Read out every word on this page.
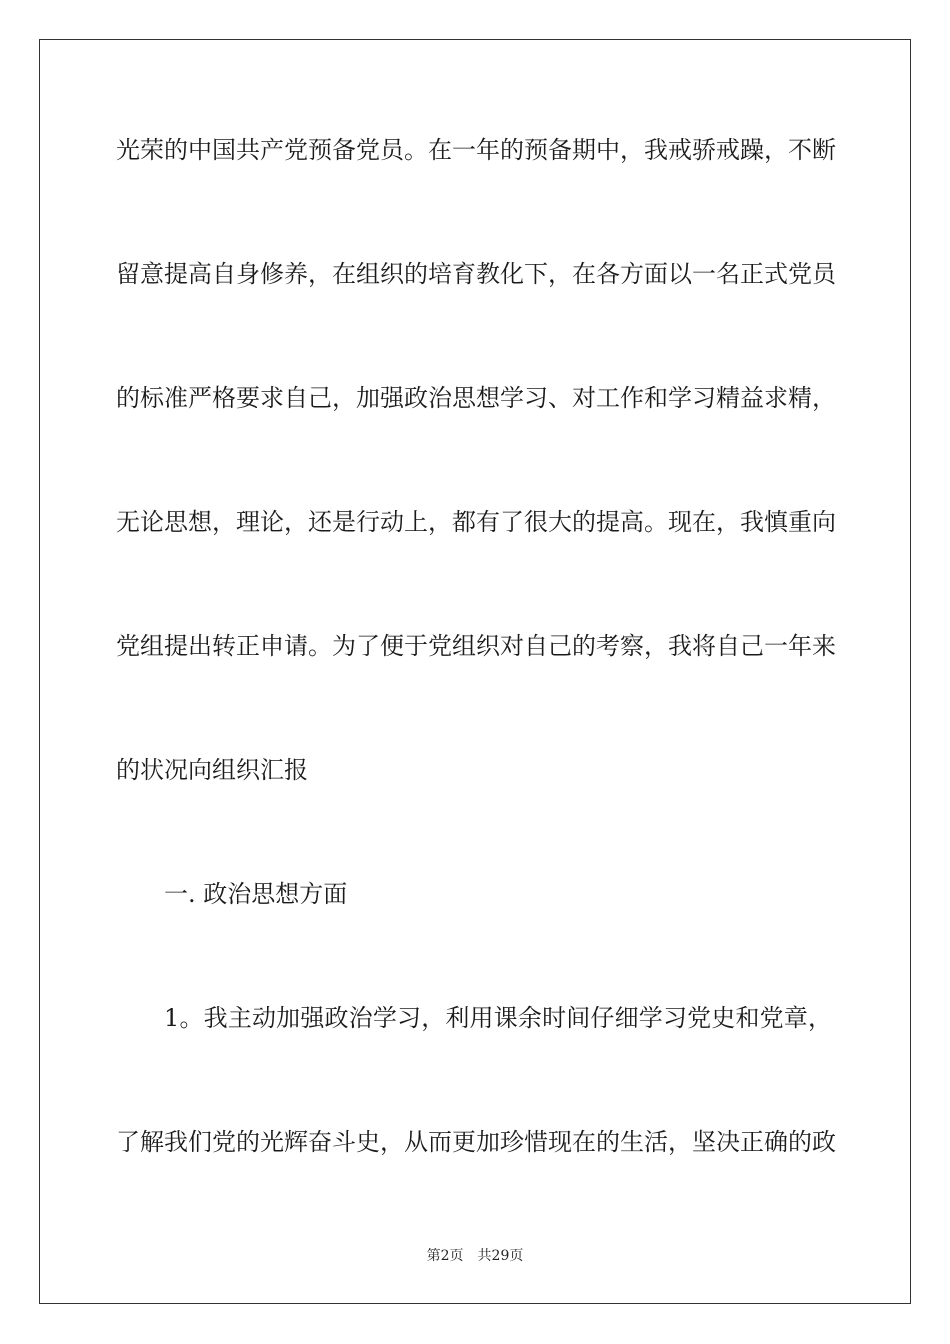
光荣的中国共产党预备党员。在一年的预备期中，我戒骄戒躁，不断
留意提高自身修养，在组织的培育教化下，在各方面以一名正式党员
的标准严格要求自己，加强政治思想学习、对工作和学习精益求精，
无论思想，理论，还是行动上，都有了很大的提高。现在，我慎重向
党组提出转正申请。为了便于党组织对自己的考察，我将自己一年来
的状况向组织汇报
一. 政治思想方面
1。我主动加强政治学习，利用课余时间仔细学习党史和党章，
了解我们党的光辉奋斗史，从而更加珍惜现在的生活，坚决正确的政
第2页 共29页
